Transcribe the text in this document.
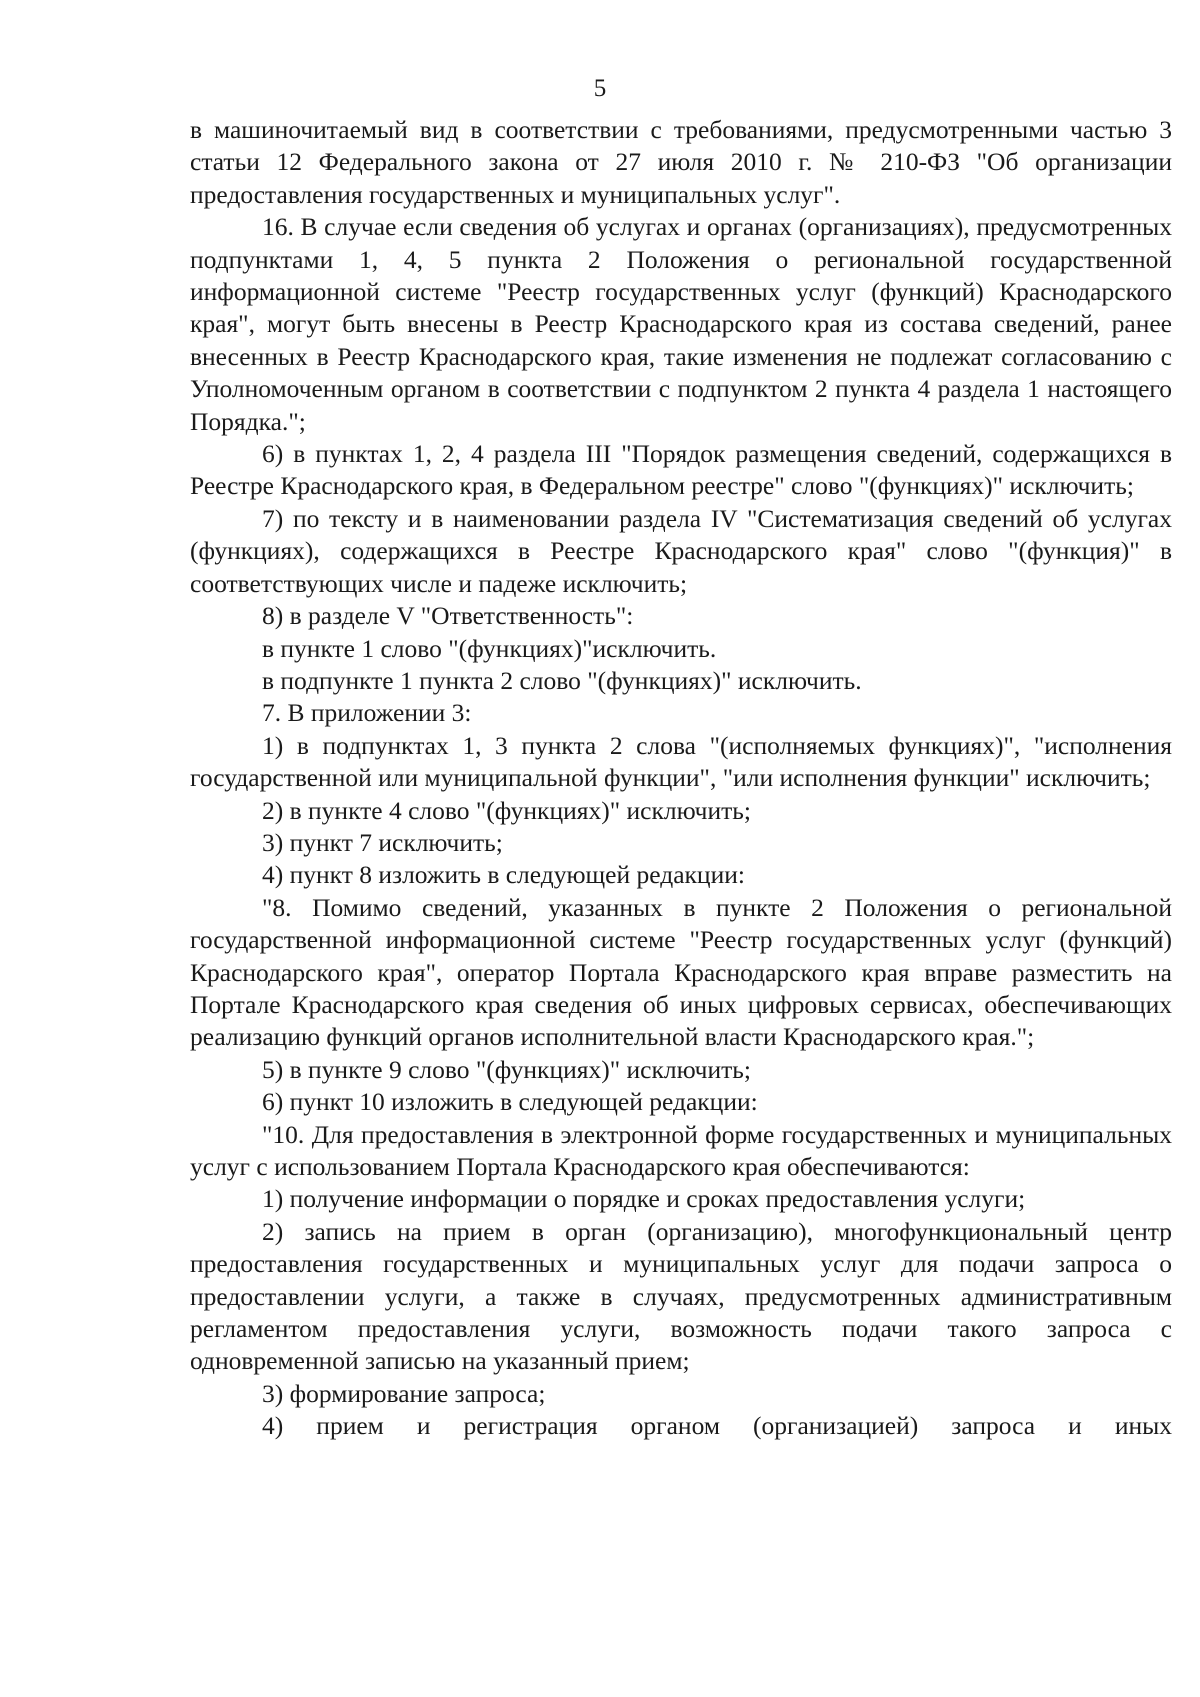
5

в машиночитаемый вид в соответствии с требованиями, предусмотренными частью 3 статьи 12 Федерального закона от 27 июля 2010 г. № 210-ФЗ "Об организации предоставления государственных и муниципальных услуг".

16. В случае если сведения об услугах и органах (организациях), предусмотренных подпунктами 1, 4, 5 пункта 2 Положения о региональной государственной информационной системе "Реестр государственных услуг (функций) Краснодарского края", могут быть внесены в Реестр Краснодарского края из состава сведений, ранее внесенных в Реестр Краснодарского края, такие изменения не подлежат согласованию с Уполномоченным органом в соответствии с подпунктом 2 пункта 4 раздела 1 настоящего Порядка.";

6) в пунктах 1, 2, 4 раздела III "Порядок размещения сведений, содержащихся в Реестре Краснодарского края, в Федеральном реестре" слово "(функциях)" исключить;

7) по тексту и в наименовании раздела IV "Систематизация сведений об услугах (функциях), содержащихся в Реестре Краснодарского края" слово "(функция)" в соответствующих числе и падеже исключить;

8) в разделе V "Ответственность":

в пункте 1 слово "(функциях)"исключить.

в подпункте 1 пункта 2 слово "(функциях)" исключить.

7. В приложении 3:

1) в подпунктах 1, 3 пункта 2 слова "(исполняемых функциях)", "исполнения государственной или муниципальной функции", "или исполнения функции" исключить;

2) в пункте 4 слово "(функциях)" исключить;

3) пункт 7 исключить;

4) пункт 8 изложить в следующей редакции:

"8. Помимо сведений, указанных в пункте 2 Положения о региональной государственной информационной системе "Реестр государственных услуг (функций) Краснодарского края", оператор Портала Краснодарского края вправе разместить на Портале Краснодарского края сведения об иных цифровых сервисах, обеспечивающих реализацию функций органов исполнительной власти Краснодарского края.";

5) в пункте 9 слово "(функциях)" исключить;

6) пункт 10 изложить в следующей редакции:

"10. Для предоставления в электронной форме государственных и муниципальных услуг с использованием Портала Краснодарского края обеспечиваются:

1) получение информации о порядке и сроках предоставления услуги;

2) запись на прием в орган (организацию), многофункциональный центр предоставления государственных и муниципальных услуг для подачи запроса о предоставлении услуги, а также в случаях, предусмотренных административным регламентом предоставления услуги, возможность подачи такого запроса с одновременной записью на указанный прием;

3) формирование запроса;

4) прием и регистрация органом (организацией) запроса и иных
